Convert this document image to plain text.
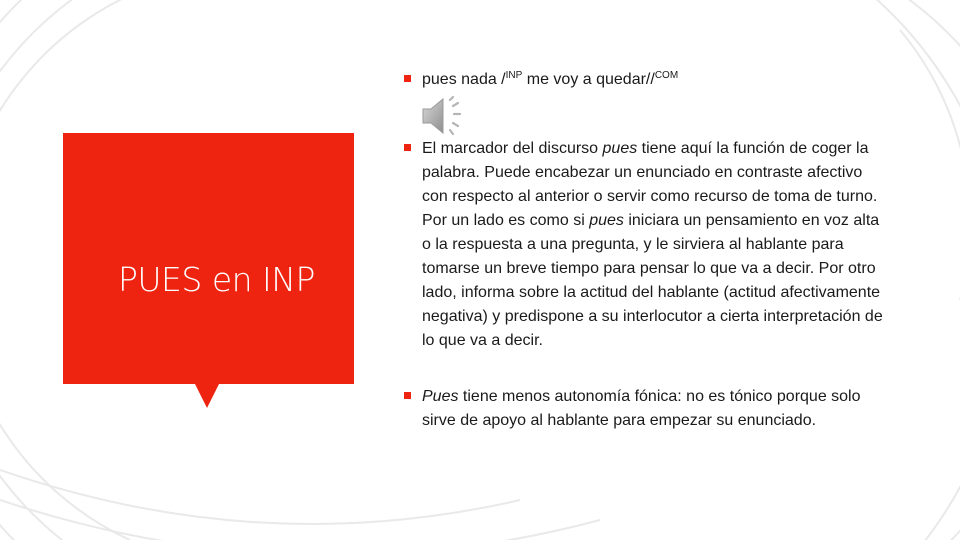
PUES en INP
pues nada /$^{INP}$ me voy a quedar//$^{COM}$
El marcador del discurso pues tiene aquí la función de coger la palabra. Puede encabezar un enunciado en contraste afectivo con respecto al anterior o servir como recurso de toma de turno. Por un lado es como si pues iniciara un pensamiento en voz alta o la respuesta a una pregunta, y le sirviera al hablante para tomarse un breve tiempo para pensar lo que va a decir. Por otro lado, informa sobre la actitud del hablante (actitud afectivamente negativa) y predispone a su interlocutor a cierta interpretación de lo que va a decir.
Pues tiene menos autonomía fónica: no es tónico porque solo sirve de apoyo al hablante para empezar su enunciado.
